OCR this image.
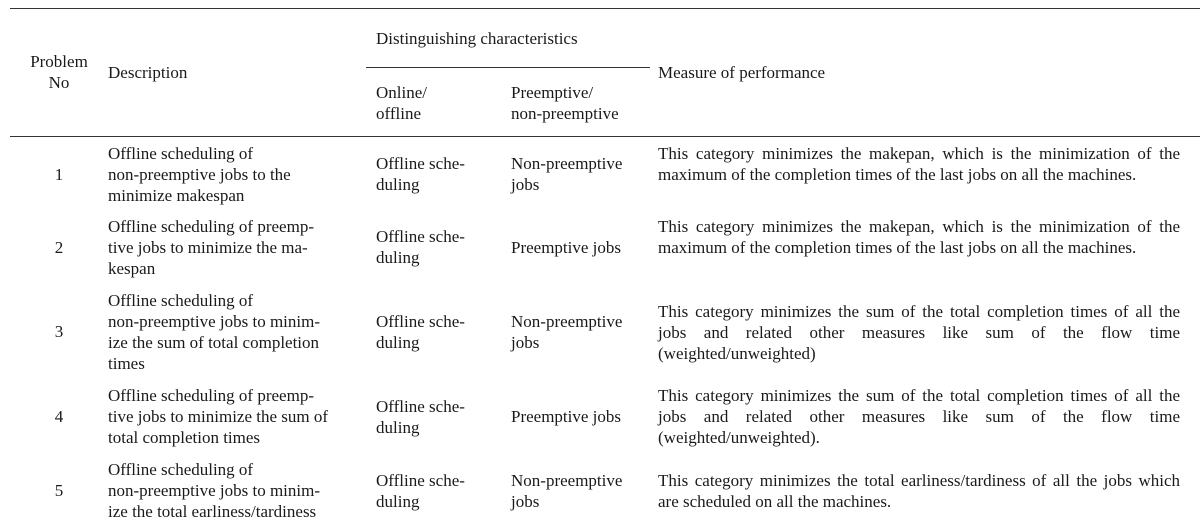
Problem
No
Description
Distinguishing characteristics
Online/
offline
Preemptive/
non-preemptive
Measure of performance
1
Offline scheduling of
non-preemptive jobs to the
minimize makespan
Offline sche-
duling
Non-preemptive
jobs
This category minimizes the makepan, which is the minimization of the maximum of the completion times of the last jobs on all the machines.
2
Offline scheduling of preemp-
tive jobs to minimize the ma-
kespan
Offline sche-
duling
Preemptive jobs
This category minimizes the makepan, which is the minimization of the maximum of the completion times of the last jobs on all the machines.
3
Offline scheduling of
non-preemptive jobs to minim-
ize the sum of total completion
times
Offline sche-
duling
Non-preemptive
jobs
This category minimizes the sum of the total completion times of all the jobs and related other measures like sum of the flow time (weighted/unweighted)
4
Offline scheduling of preemp-
tive jobs to minimize the sum of
total completion times
Offline sche-
duling
Preemptive jobs
This category minimizes the sum of the total completion times of all the jobs and related other measures like sum of the flow time (weighted/unweighted).
5
Offline scheduling of
non-preemptive jobs to minim-
ize the total earliness/tardiness
Offline sche-
duling
Non-preemptive
jobs
This category minimizes the total earliness/tardiness of all the jobs which are scheduled on all the machines.
